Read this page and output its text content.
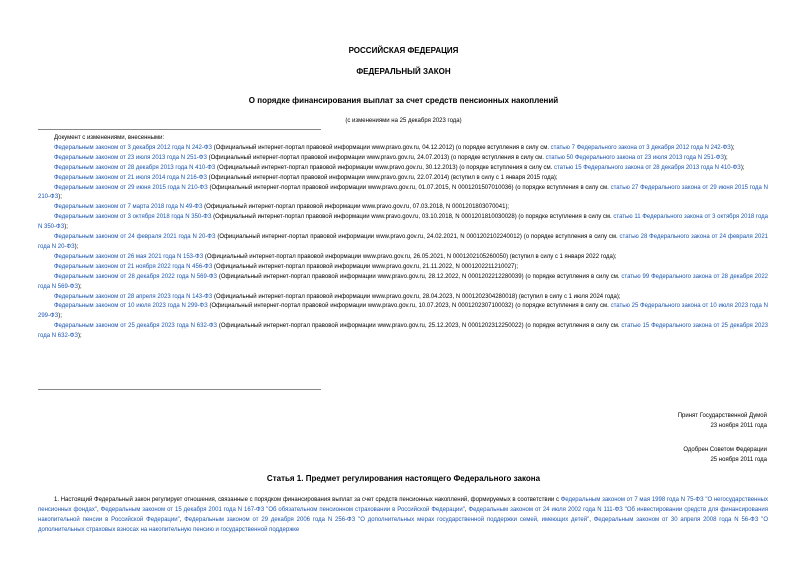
РОССИЙСКАЯ ФЕДЕРАЦИЯ
ФЕДЕРАЛЬНЫЙ ЗАКОН
О порядке финансирования выплат за счет средств пенсионных накоплений
(с изменениями на 25 декабря 2023 года)
Документ с изменениями, внесенными:
Федеральным законом от 3 декабря 2012 года N 242-ФЗ (Официальный интернет-портал правовой информации www.pravo.gov.ru, 04.12.2012) (о порядке вступления в силу см. статью 7 Федерального закона от 3 декабря 2012 года N 242-ФЗ);
Федеральным законом от 23 июля 2013 года N 251-ФЗ (Официальный интернет-портал правовой информации www.pravo.gov.ru, 24.07.2013) (о порядке вступления в силу см. статью 50 Федерального закона от 23 июля 2013 года N 251-ФЗ);
Федеральным законом от 28 декабря 2013 года N 410-ФЗ (Официальный интернет-портал правовой информации www.pravo.gov.ru, 30.12.2013) (о порядке вступления в силу см. статью 15 Федерального закона от 28 декабря 2013 года N 410-ФЗ);
Федеральным законом от 21 июля 2014 года N 216-ФЗ (Официальный интернет-портал правовой информации www.pravo.gov.ru, 22.07.2014) (вступил в силу с 1 января 2015 года);
Федеральным законом от 29 июня 2015 года N 210-ФЗ (Официальный интернет-портал правовой информации www.pravo.gov.ru, 01.07.2015, N 0001201507010036) (о порядке вступления в силу см. статью 27 Федерального закона от 29 июня 2015 года N 210-ФЗ);
Федеральным законом от 7 марта 2018 года N 49-ФЗ (Официальный интернет-портал правовой информации www.pravo.gov.ru, 07.03.2018, N 0001201803070041);
Федеральным законом от 3 октября 2018 года N 350-ФЗ (Официальный интернет-портал правовой информации www.pravo.gov.ru, 03.10.2018, N 0001201810030028) (о порядке вступления в силу см. статью 11 Федерального закона от 3 октября 2018 года N 350-ФЗ);
Федеральным законом от 24 февраля 2021 года N 20-ФЗ (Официальный интернет-портал правовой информации www.pravo.gov.ru, 24.02.2021, N 0001202102240012) (о порядке вступления в силу см. статью 28 Федерального закона от 24 февраля 2021 года N 20-ФЗ);
Федеральным законом от 26 мая 2021 года N 153-ФЗ (Официальный интернет-портал правовой информации www.pravo.gov.ru, 26.05.2021, N 0001202105260050) (вступил в силу с 1 января 2022 года);
Федеральным законом от 21 ноября 2022 года N 456-ФЗ (Официальный интернет-портал правовой информации www.pravo.gov.ru, 21.11.2022, N 0001202211210027);
Федеральным законом от 28 декабря 2022 года N 569-ФЗ (Официальный интернет-портал правовой информации www.pravo.gov.ru, 28.12.2022, N 0001202212280039) (о порядке вступления в силу см. статью 99 Федерального закона от 28 декабря 2022 года N 569-ФЗ);
Федеральным законом от 28 апреля 2023 года N 143-ФЗ (Официальный интернет-портал правовой информации www.pravo.gov.ru, 28.04.2023, N 0001202304280018) (вступил в силу с 1 июля 2024 года);
Федеральным законом от 10 июля 2023 года N 299-ФЗ (Официальный интернет-портал правовой информации www.pravo.gov.ru, 10.07.2023, N 0001202307100032) (о порядке вступления в силу см. статью 25 Федерального закона от 10 июля 2023 года N 299-ФЗ);
Федеральным законом от 25 декабря 2023 года N 632-ФЗ (Официальный интернет-портал правовой информации www.pravo.gov.ru, 25.12.2023, N 0001202312250022) (о порядке вступления в силу см. статью 15 Федерального закона от 25 декабря 2023 года N 632-ФЗ);
Принят Государственной Думой
23 ноября 2011 года
Одобрен Советом Федерации
25 ноября 2011 года
Статья 1. Предмет регулирования настоящего Федерального закона
1. Настоящий Федеральный закон регулирует отношения, связанные с порядком финансирования выплат за счет средств пенсионных накоплений, формируемых в соответствии с Федеральным законом от 7 мая 1998 года N 75-ФЗ "О негосударственных пенсионных фондах", Федеральным законом от 15 декабря 2001 года N 167-ФЗ "Об обязательном пенсионном страховании в Российской Федерации", Федеральным законом от 24 июля 2002 года N 111-ФЗ "Об инвестировании средств для финансирования накопительной пенсии в Российской Федерации", Федеральным законом от 29 декабря 2006 года N 256-ФЗ "О дополнительных мерах государственной поддержки семей, имеющих детей", Федеральным законом от 30 апреля 2008 года N 56-ФЗ "О дополнительных страховых взносах на накопительную пенсию и государственной поддержке
